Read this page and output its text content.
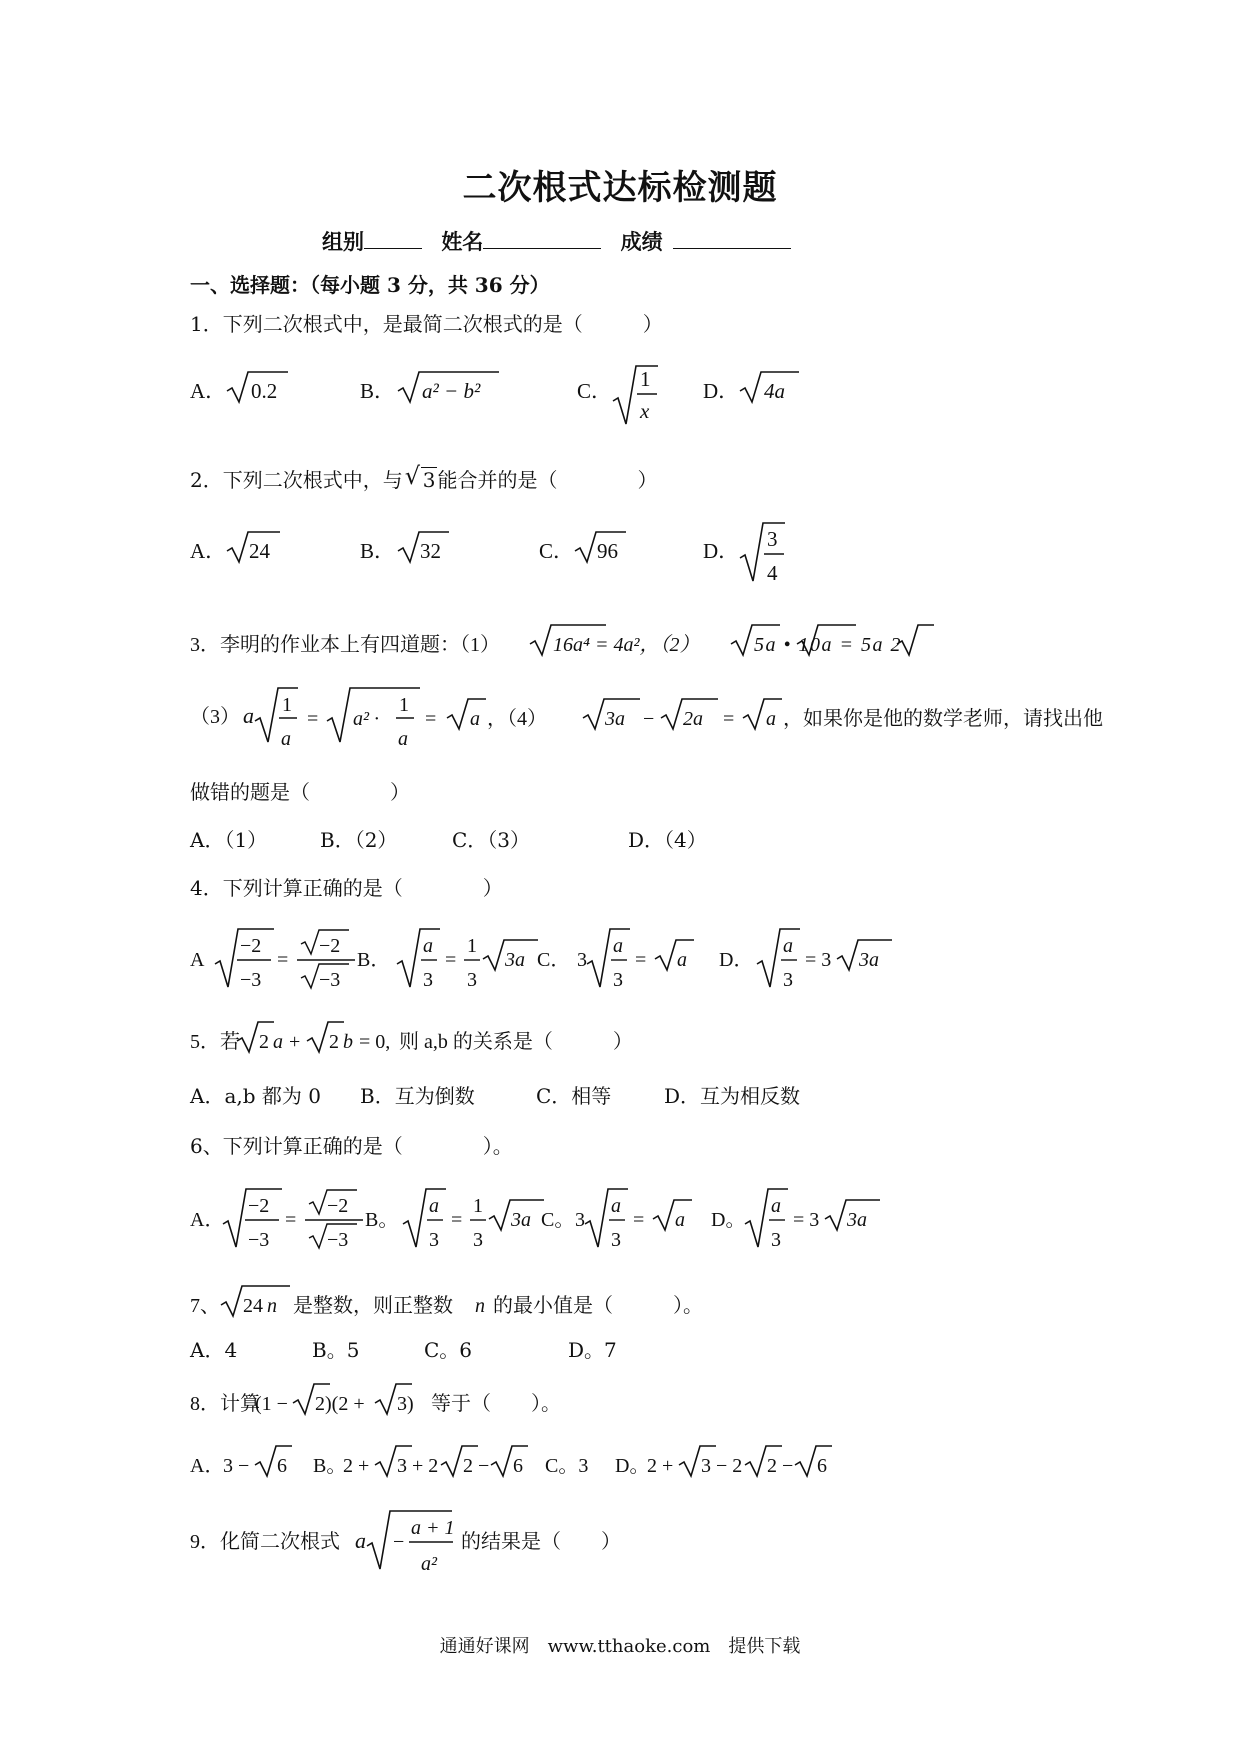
二次根式达标检测题
组别	姓名	成绩
一、选择题：（每小题 3 分，共 36 分）
1．下列二次根式中，是最简二次根式的是（　　　）
A． 0.2	B． a² − b²	C． 1
x
D． 4a
2．下列二次根式中，与 √ 3 能合并的是（　　　　）
A． 24	B． 32	C． 96	D． 3
4
3．李明的作业本上有四道题：（1）	16a⁴ = 4a²，（2）	5a • 10a = 5a 2
（3） a 1
a
= a² ·
1
a
= a ，（4）	3a − 2a = a ，如果你是他的数学老师，请找出他
做错的题是（　　　　）
A．（1）	B．（2）	C．（3）	D．（4）
4．下列计算正确的是（　　　　）
A
−2
−3
=
−2
−3
B．
a
3
=
1
3
3a C． 3
a
3
= a D．
a
3
= 3 3a
5．若 2 a + 2 b = 0, 则 a,b 的关系是（　　　）
A．a,b 都为 0 B．互为倒数	C．相等	D．互为相反数
6、下列计算正确的是（　　　　）。
A．
−2
−3
=
−2
−3
B。
a
3
=
1
3
3a C。 3
a
3
= a D。
a
3
= 3 3a
7、 24 n 是整数，则正整数 n 的最小值是（　　　）。
A．4	B。5	C。6	D。7
8．计算
(1 − 2)(2 + 3) 等于（　　）。
A．
3 − 6 B。
2 + 3 + 2 2 − 6 C。3 D。
2 + 3 − 2 2 − 6
9．化简二次根式 a −
a + 1
a²
的结果是（　　）
通通好课网　www.tthaoke.com　提供下载
